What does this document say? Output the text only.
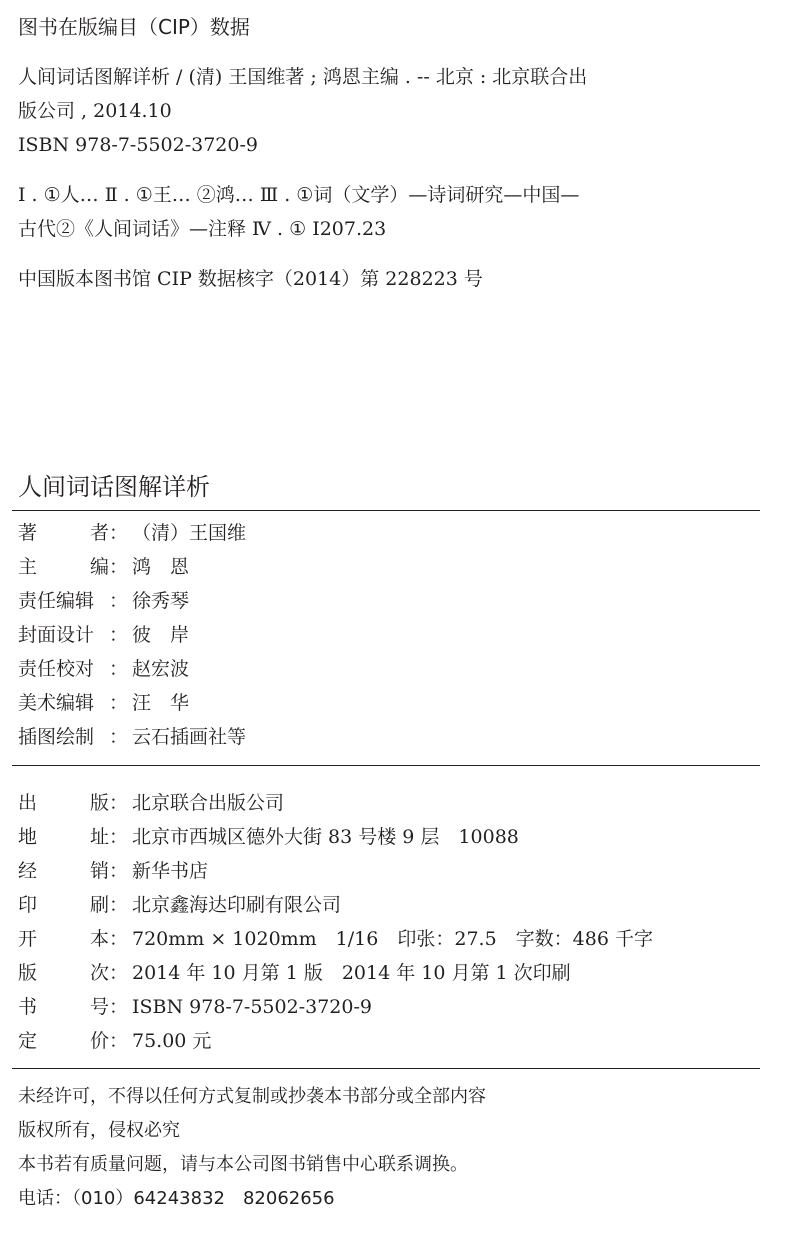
图书在版编目（CIP）数据
人间词话图解详析 / (清) 王国维著 ; 鸿恩主编 . -- 北京 : 北京联合出
版公司 , 2014.10
ISBN 978-7-5502-3720-9
Ⅰ . ①人… Ⅱ . ①王… ②鸿… Ⅲ . ①词（文学）—诗词研究—中国—
古代②《人间词话》—注释 Ⅳ . ① I207.23
中国版本图书馆 CIP 数据核字（2014）第 228223 号
人间词话图解详析
著	者 ： （清）王国维
主	编 ： 鸿　恩
责任编辑 ： 徐秀琴
封面设计 ： 彼　岸
责任校对 ： 赵宏波
美术编辑 ： 汪　华
插图绘制 ： 云石插画社等
出	版 ： 北京联合出版公司
地	址 ： 北京市西城区德外大街 83 号楼 9 层　10088
经	销 ： 新华书店
印	刷 ： 北京鑫海达印刷有限公司
开	本 ： 720mm × 1020mm　1/16　印张：27.5　字数：486 千字
版	次 ： 2014 年 10 月第 1 版　2014 年 10 月第 1 次印刷
书	号 ： ISBN 978-7-5502-3720-9
定	价 ： 75.00 元
未经许可，不得以任何方式复制或抄袭本书部分或全部内容
版权所有，侵权必究
本书若有质量问题，请与本公司图书销售中心联系调换。
电话：（010）64243832　82062656
